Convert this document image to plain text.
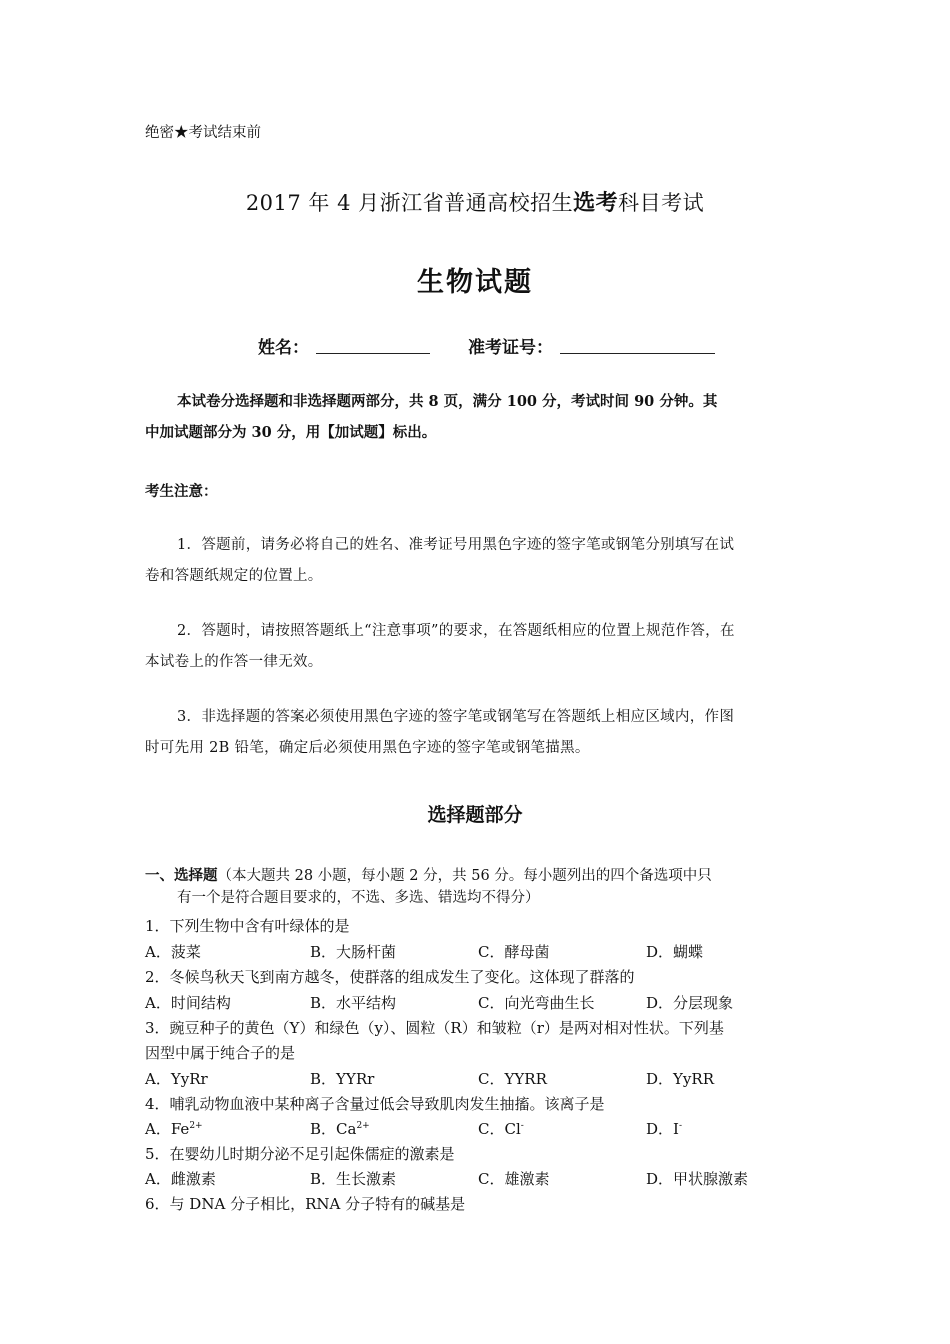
绝密★考试结束前
2017 年 4 月浙江省普通高校招生选考科目考试
生物试题
姓名：	准考证号：
本试卷分选择题和非选择题两部分，共 8 页，满分 100 分，考试时间 90 分钟。其
中加试题部分为 30 分，用【加试题】标出。
考生注意：
1．答题前，请务必将自己的姓名、准考证号用黑色字迹的签字笔或钢笔分别填写在试
卷和答题纸规定的位置上。
2．答题时，请按照答题纸上“注意事项”的要求，在答题纸相应的位置上规范作答，在
本试卷上的作答一律无效。
3．非选择题的答案必须使用黑色字迹的签字笔或钢笔写在答题纸上相应区域内，作图
时可先用 2B 铅笔，确定后必须使用黑色字迹的签字笔或钢笔描黑。
选择题部分
一、选择题（本大题共 28 小题，每小题 2 分，共 56 分。每小题列出的四个备选项中只
有一个是符合题目要求的，不选、多选、错选均不得分）
1．下列生物中含有叶绿体的是
A．菠菜	B．大肠杆菌	C．酵母菌	D．蝴蝶
2．冬候鸟秋天飞到南方越冬，使群落的组成发生了变化。这体现了群落的
A．时间结构	B．水平结构	C．向光弯曲生长	D．分层现象
3．豌豆种子的黄色（Y）和绿色（y）、圆粒（R）和皱粒（r）是两对相对性状。下列基
因型中属于纯合子的是
A．YyRr	B．YYRr	C．YYRR	D．YyRR
4．哺乳动物血液中某种离子含量过低会导致肌肉发生抽搐。该离子是
A．$Fe^{2+}$	B．$Ca^{2+}$	C．Cl-	D．I-
5．在婴幼儿时期分泌不足引起侏儒症的激素是
A．雌激素	B．生长激素	C．雄激素	D．甲状腺激素
6．与 DNA 分子相比，RNA 分子特有的碱基是
